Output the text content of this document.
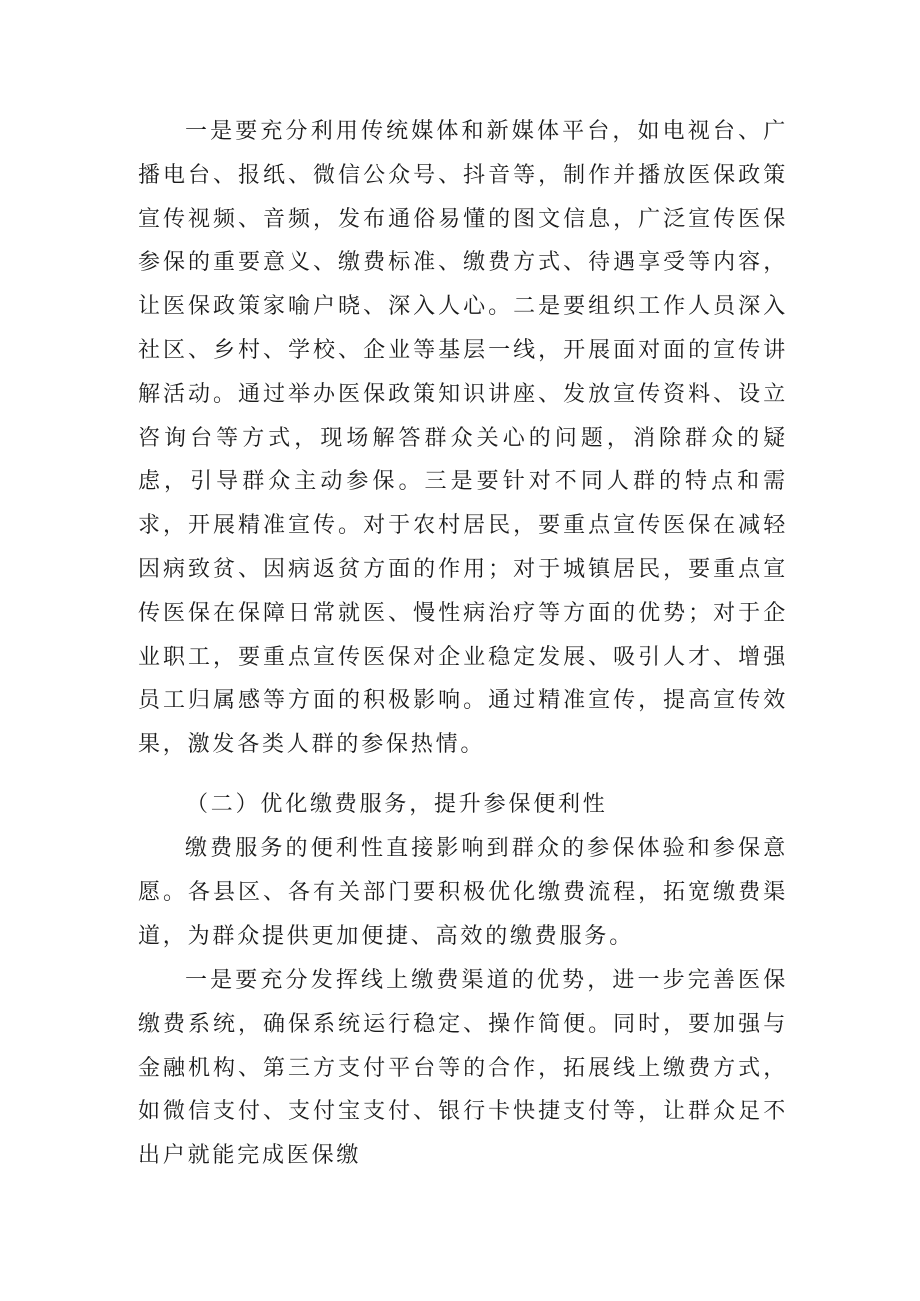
一是要充分利用传统媒体和新媒体平台，如电视台、广播电台、报纸、微信公众号、抖音等，制作并播放医保政策宣传视频、音频，发布通俗易懂的图文信息，广泛宣传医保参保的重要意义、缴费标准、缴费方式、待遇享受等内容，让医保政策家喻户晓、深入人心。二是要组织工作人员深入社区、乡村、学校、企业等基层一线，开展面对面的宣传讲解活动。通过举办医保政策知识讲座、发放宣传资料、设立咨询台等方式，现场解答群众关心的问题，消除群众的疑虑，引导群众主动参保。三是要针对不同人群的特点和需求，开展精准宣传。对于农村居民，要重点宣传医保在减轻因病致贫、因病返贫方面的作用；对于城镇居民，要重点宣传医保在保障日常就医、慢性病治疗等方面的优势；对于企业职工，要重点宣传医保对企业稳定发展、吸引人才、增强员工归属感等方面的积极影响。通过精准宣传，提高宣传效果，激发各类人群的参保热情。

（二）优化缴费服务，提升参保便利性

缴费服务的便利性直接影响到群众的参保体验和参保意愿。各县区、各有关部门要积极优化缴费流程，拓宽缴费渠道，为群众提供更加便捷、高效的缴费服务。

一是要充分发挥线上缴费渠道的优势，进一步完善医保缴费系统，确保系统运行稳定、操作简便。同时，要加强与金融机构、第三方支付平台等的合作，拓展线上缴费方式，如微信支付、支付宝支付、银行卡快捷支付等，让群众足不出户就能完成医保缴
